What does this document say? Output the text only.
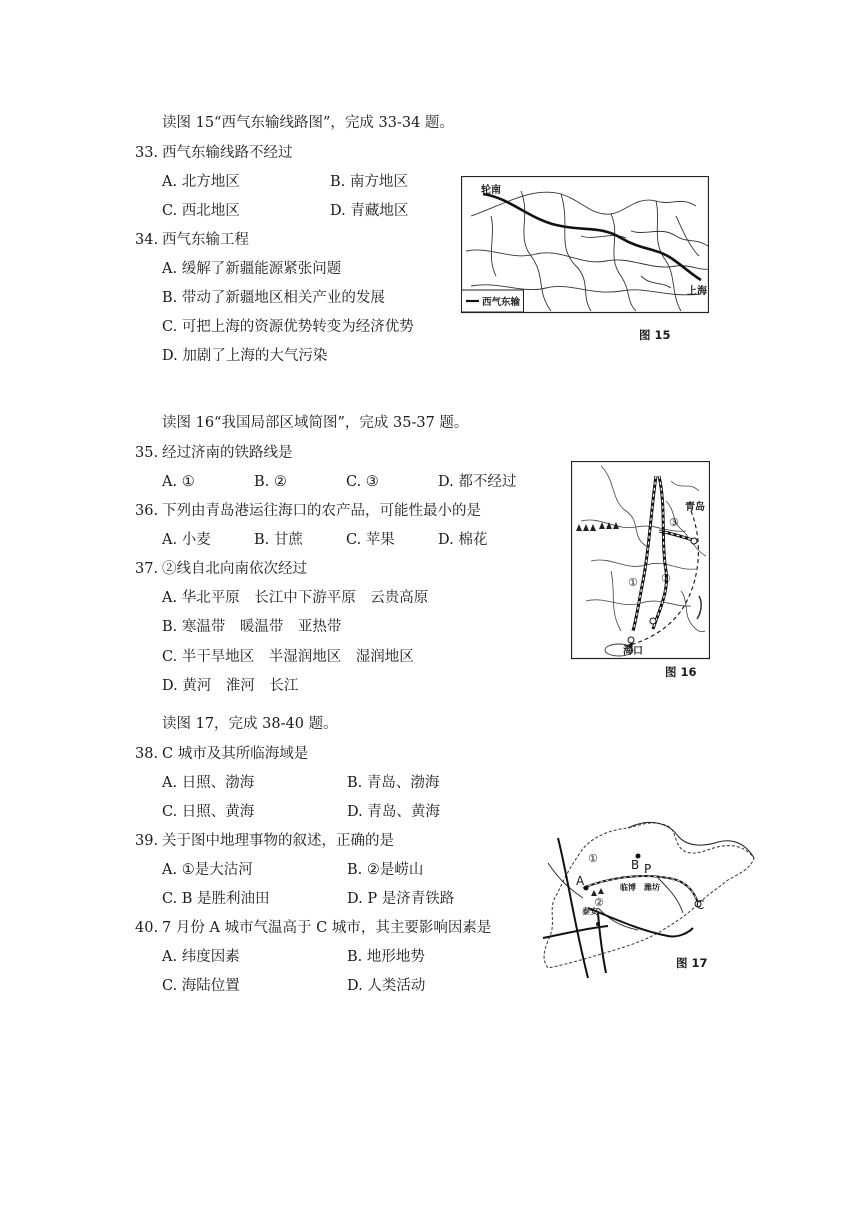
读图 15“西气东输线路图”，完成 33-34 题。
33. 西气东输线路不经过
A. 北方地区	B. 南方地区
C. 西北地区	D. 青藏地区
34. 西气东输工程
A. 缓解了新疆能源紧张问题
B. 带动了新疆地区相关产业的发展
C. 可把上海的资源优势转变为经济优势
D. 加剧了上海的大气污染
轮南
上海
西气东输
图 15
读图 16“我国局部区域简图”，完成 35-37 题。
35. 经过济南的铁路线是
A. ①	B. ②	C. ③	D. 都不经过
36. 下列由青岛港运往海口的农产品，可能性最小的是
A. 小麦	B. 甘蔗	C. 苹果	D. 棉花
37. ②线自北向南依次经过
A. 华北平原　长江中下游平原　云贵高原
B. 寒温带　暖温带　亚热带
C. 半干旱地区　半湿润地区　湿润地区
D. 黄河　淮河　长江
青岛
海口
① ②
③
图 16
读图 17，完成 38-40 题。
38. C 城市及其所临海域是
A. 日照、渤海	B. 青岛、渤海
C. 日照、黄海	D. 青岛、黄海
39. 关于图中地理事物的叙述，正确的是
A. ①是大沽河	B. ②是崂山
C. B 是胜利油田	D. P 是济青铁路
40. 7 月份 A 城市气温高于 C 城市，其主要影响因素是
A. 纬度因素	B. 地形地势
C. 海陆位置	D. 人类活动
A
B
C
P
①
②
临博 潍坊
泰安
图 17
